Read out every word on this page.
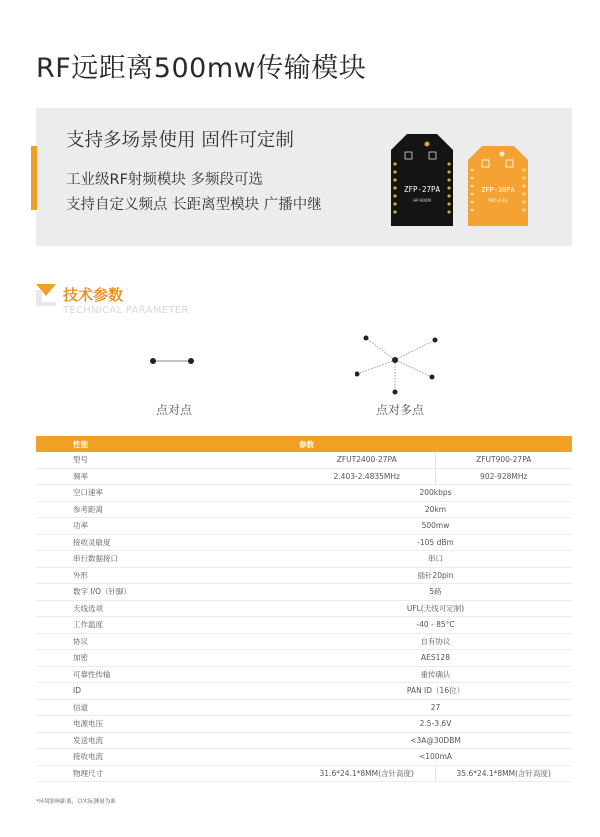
RF远距离500mw传输模块
支持多场景使用 固件可定制
工业级RF射频模块 多频段可选
支持自定义频点 长距离型模块 广播中继
ZFP-27PA
HP-900M
ZFP-30PA
PRO-2.4G
技术参数
TECHNICAL PARAMETER
点对点	点对多点
性能	参数	
型号	ZFUT2400-27PA	ZFUT900-27PA
频率	2.403-2.4835MHz	902-928MHz
空口速率	200kbps	
参考距离	20km	
功率	500mw	
接收灵敏度	-105 dBm	
串行数据接口	串口	
外形	插针20pin	
数字 I/O（针脚）	5路	
天线选项	UFL(天线可定制)	
工作温度	-40 - 85°C	
协议	自有协议	
加密	AES128	
可靠性传输	重传确认	
ID	PAN ID（16位）	
信道	27	
电源电压	2.5-3.6V	
发送电流	<3A@30DBM	
接收电流	<100mA	
物理尺寸	31.6*24.1*8MM(含针高度)	35.6*24.1*8MM(含针高度)
*环境影响距离，以实际测量为准
